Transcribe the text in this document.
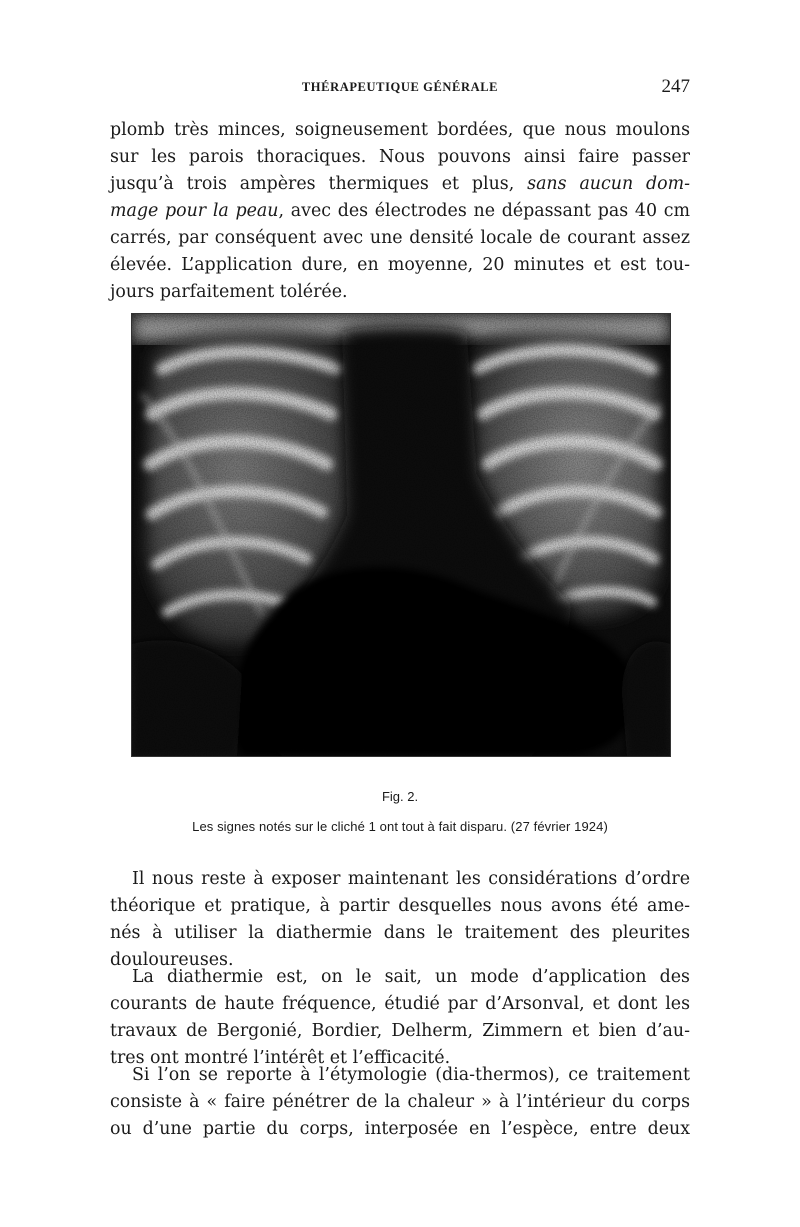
THÉRAPEUTIQUE GÉNÉRALE	247
plomb très minces, soigneusement bordées, que nous moulons
sur les parois thoraciques. Nous pouvons ainsi faire passer
jusqu’à trois ampères thermiques et plus, sans aucun dom-
mage pour la peau, avec des électrodes ne dépassant pas 40 cm
carrés, par conséquent avec une densité locale de courant assez
élevée. L’application dure, en moyenne, 20 minutes et est tou-
jours parfaitement tolérée.
Fig. 2.
Les signes notés sur le cliché 1 ont tout à fait disparu. (27 février 1924)
Il nous reste à exposer maintenant les considérations d’ordre
théorique et pratique, à partir desquelles nous avons été ame-
nés à utiliser la diathermie dans le traitement des pleurites
douloureuses.
La diathermie est, on le sait, un mode d’application des
courants de haute fréquence, étudié par d’Arsonval, et dont les
travaux de Bergonié, Bordier, Delherm, Zimmern et bien d’au-
tres ont montré l’intérêt et l’efficacité.
Si l’on se reporte à l’étymologie (dia-thermos), ce traitement
consiste à « faire pénétrer de la chaleur » à l’intérieur du corps
ou d’une partie du corps, interposée en l’espèce, entre deux
